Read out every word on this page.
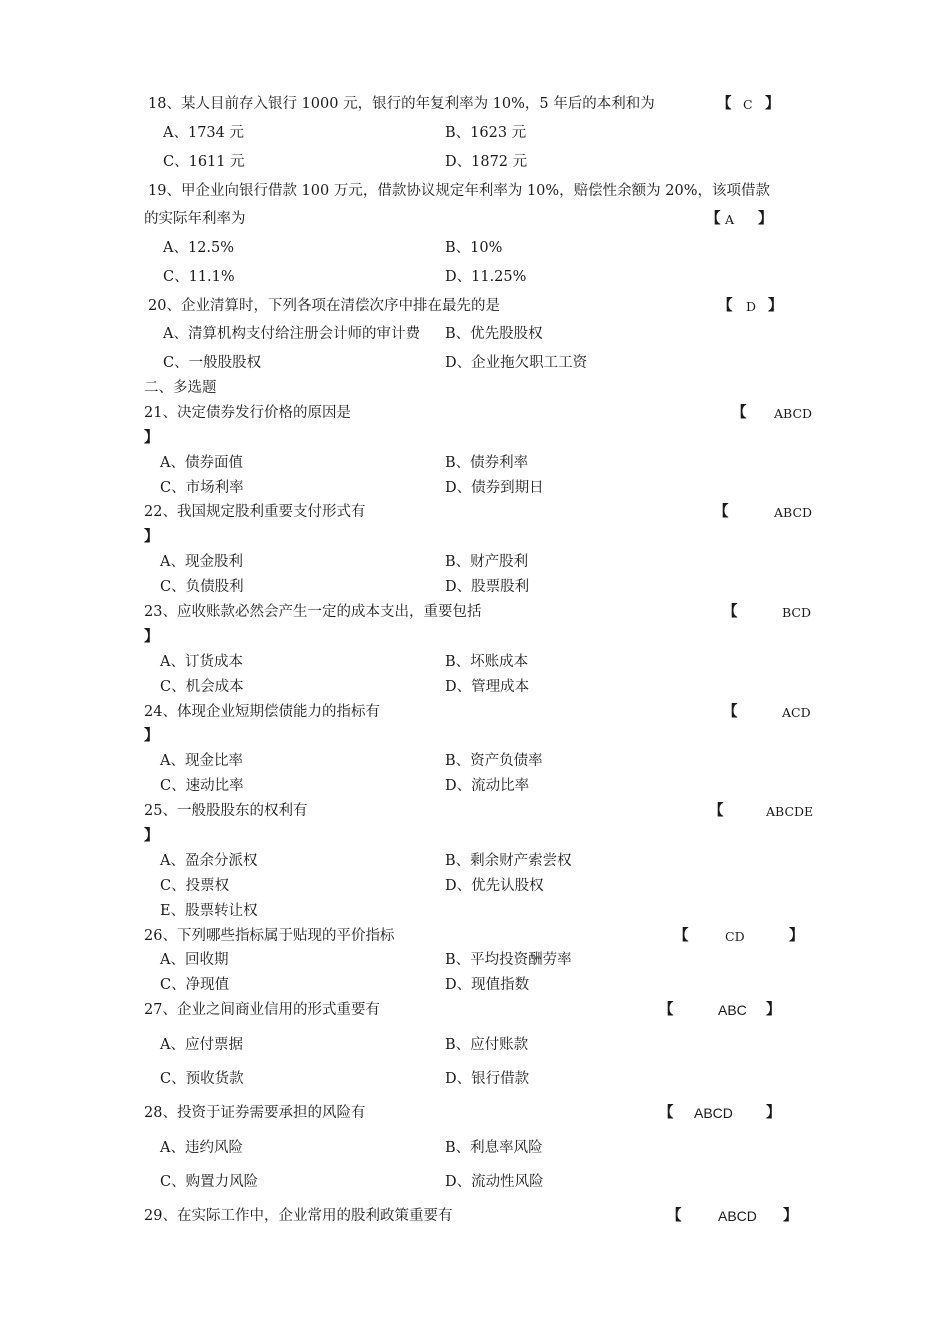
18、某人目前存入银行 1000 元，银行的年复利率为 10%，5 年后的本利和为	【 C 】
A、1734 元	B、1623 元
C、1611 元	D、1872 元
19、甲企业向银行借款 100 万元，借款协议规定年利率为 10%，赔偿性余额为 20%，该项借款
的实际年利率为	【 A 】
A、12.5%	B、10%
C、11.1%	D、11.25%
20、企业清算时，下列各项在清偿次序中排在最先的是	【 D 】
A、清算机构支付给注册会计师的审计费 B、优先股股权
C、一般股股权	D、企业拖欠职工工资
二、多选题
21、决定债券发行价格的原因是	【 ABCD
】
A、债券面值	B、债券利率
C、市场利率	D、债券到期日
22、我国规定股利重要支付形式有	【	ABCD
】
A、现金股利	B、财产股利
C、负债股利	D、股票股利
23、应收账款必然会产生一定的成本支出，重要包括	【	BCD
】
A、订货成本	B、坏账成本
C、机会成本	D、管理成本
24、体现企业短期偿债能力的指标有	【	ACD
】
A、现金比率	B、资产负债率
C、速动比率	D、流动比率
25、一般股股东的权利有	【	ABCDE
】
A、盈余分派权	B、剩余财产索尝权
C、投票权	D、优先认股权
E、股票转让权
26、下列哪些指标属于贴现的平价指标	【	CD	】
A、回收期	B、平均投资酬劳率
C、净现值	D、现值指数
27、企业之间商业信用的形式重要有	【	ABC 】
A、应付票据	B、应付账款
C、预收货款	D、银行借款
28、投资于证券需要承担的风险有	【 ABCD 】
A、违约风险	B、利息率风险
C、购置力风险	D、流动性风险
29、在实际工作中，企业常用的股利政策重要有	【	ABCD 】
